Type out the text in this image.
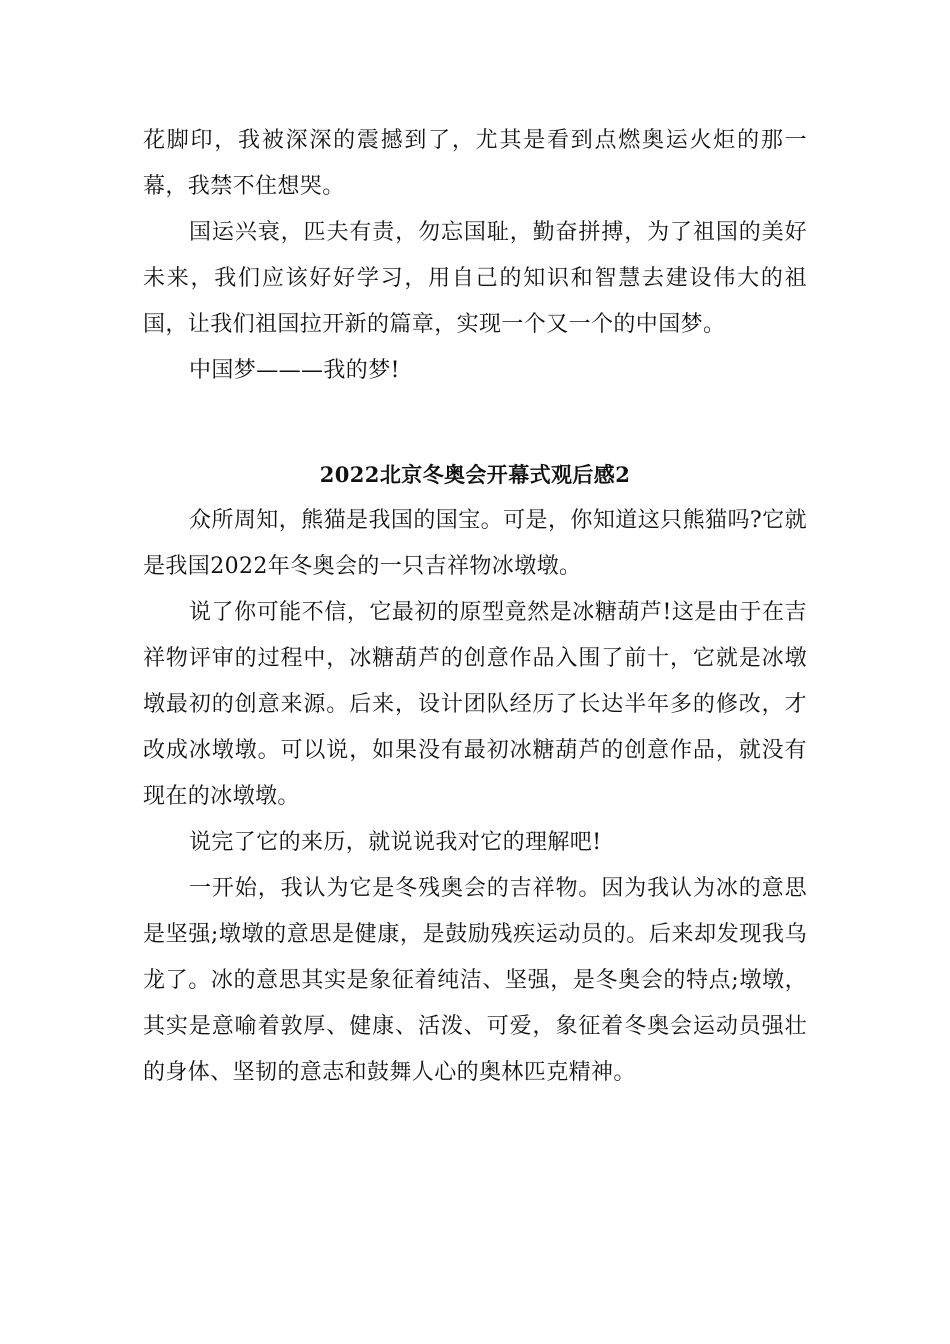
花脚印，我被深深的震撼到了，尤其是看到点燃奥运火炬的那一幕，我禁不住想哭。

国运兴衰，匹夫有责，勿忘国耻，勤奋拼搏，为了祖国的美好未来，我们应该好好学习，用自己的知识和智慧去建设伟大的祖国，让我们祖国拉开新的篇章，实现一个又一个的中国梦。

中国梦———我的梦!

2022北京冬奥会开幕式观后感2

众所周知，熊猫是我国的国宝。可是，你知道这只熊猫吗?它就是我国2022年冬奥会的一只吉祥物冰墩墩。

说了你可能不信，它最初的原型竟然是冰糖葫芦!这是由于在吉祥物评审的过程中，冰糖葫芦的创意作品入围了前十，它就是冰墩墩最初的创意来源。后来，设计团队经历了长达半年多的修改，才改成冰墩墩。可以说，如果没有最初冰糖葫芦的创意作品，就没有现在的冰墩墩。

说完了它的来历，就说说我对它的理解吧!

一开始，我认为它是冬残奥会的吉祥物。因为我认为冰的意思是坚强;墩墩的意思是健康，是鼓励残疾运动员的。后来却发现我乌龙了。冰的意思其实是象征着纯洁、坚强，是冬奥会的特点;墩墩，其实是意喻着敦厚、健康、活泼、可爱，象征着冬奥会运动员强壮的身体、坚韧的意志和鼓舞人心的奥林匹克精神。
